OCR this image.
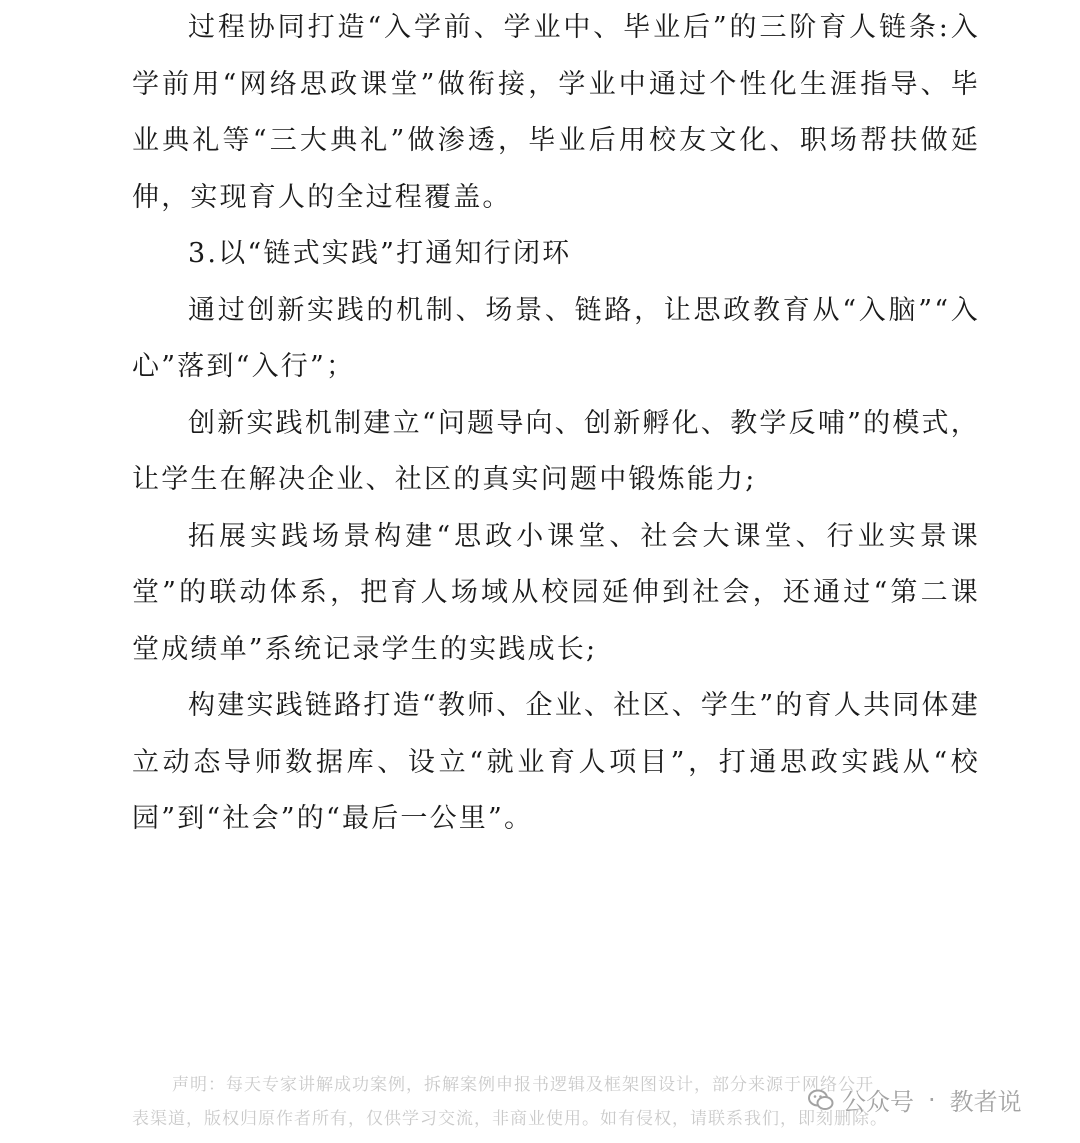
过程协同打造“入学前、学业中、毕业后”的三阶育人链条:入学前用“网络思政课堂”做衔接，学业中通过个性化生涯指导、毕业典礼等“三大典礼”做渗透，毕业后用校友文化、职场帮扶做延伸，实现育人的全过程覆盖。

3.以“链式实践”打通知行闭环

通过创新实践的机制、场景、链路，让思政教育从“入脑”“入心”落到“入行”；

创新实践机制建立“问题导向、创新孵化、教学反哺”的模式，让学生在解决企业、社区的真实问题中锻炼能力;

拓展实践场景构建“思政小课堂、社会大课堂、行业实景课堂”的联动体系，把育人场域从校园延伸到社会，还通过“第二课堂成绩单”系统记录学生的实践成长;

构建实践链路打造“教师、企业、社区、学生”的育人共同体建立动态导师数据库、设立“就业育人项目”，打通思政实践从“校园”到“社会”的“最后一公里”。

声明：每天专家讲解成功案例，拆解案例申报书逻辑及框架图设计，部分来源于网络公开
表渠道，版权归原作者所有，仅供学习交流，非商业使用。如有侵权，请联系我们，即刻删除。
公众号 · 教者说
